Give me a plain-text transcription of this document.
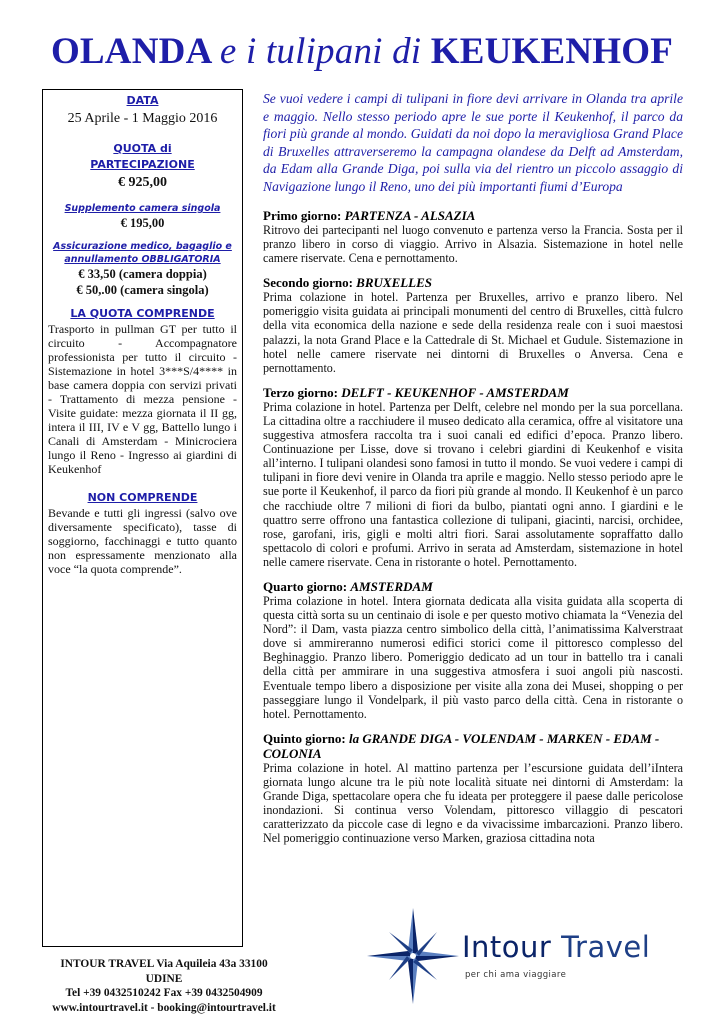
OLANDA e i tulipani di KEUKENHOF
DATA
25 Aprile - 1 Maggio 2016
QUOTA di
PARTECIPAZIONE
€ 925,00
Supplemento camera singola
€ 195,00
Assicurazione medico, bagaglio e
annullamento OBBLIGATORIA
€ 33,50 (camera doppia)
€ 50,.00 (camera singola)
LA QUOTA COMPRENDE
Trasporto in pullman GT per tutto il circuito - Accompagnatore professionista per tutto il circuito - Sistemazione in hotel 3***S/4**** in base camera doppia con servizi privati - Trattamento di mezza pensione - Visite guidate: mezza giornata il II gg, intera il III, IV e V gg, Battello lungo i Canali di Amsterdam - Minicrociera lungo il Reno - Ingresso ai giardini di Keukenhof
NON COMPRENDE
Bevande e tutti gli ingressi (salvo ove diversamente specificato), tasse di soggiorno, facchinaggi e tutto quanto non espressamente menzionato alla voce “la quota comprende”.

Se vuoi vedere i campi di tulipani in fiore devi arrivare in Olanda tra aprile e maggio. Nello stesso periodo apre le sue porte il Keukenhof, il parco da fiori più grande al mondo. Guidati da noi dopo la meravigliosa Grand Place di Bruxelles attraverseremo la campagna olandese da Delft ad Amsterdam, da Edam alla Grande Diga, poi sulla via del rientro un piccolo assaggio di Navigazione lungo il Reno, uno dei più importanti fiumi d’Europa

Primo giorno: PARTENZA - ALSAZIA

Ritrovo dei partecipanti nel luogo convenuto e partenza verso la Francia. Sosta per il pranzo libero in corso di viaggio. Arrivo in Alsazia. Sistemazione in hotel nelle camere riservate. Cena e pernottamento.

Secondo giorno: BRUXELLES

Prima colazione in hotel. Partenza per Bruxelles, arrivo e pranzo libero. Nel pomeriggio visita guidata ai principali monumenti del centro di Bruxelles, città fulcro della vita economica della nazione e sede della residenza reale con i suoi maestosi palazzi, la nota Grand Place e la Cattedrale di St. Michael et Gudule. Sistemazione in hotel nelle camere riservate nei dintorni di Bruxelles o Anversa. Cena e pernottamento.

Terzo giorno: DELFT - KEUKENHOF - AMSTERDAM

Prima colazione in hotel. Partenza per Delft, celebre nel mondo per la sua porcellana. La cittadina oltre a racchiudere il museo dedicato alla ceramica, offre al visitatore una suggestiva atmosfera raccolta tra i suoi canali ed edifici d’epoca. Pranzo libero. Continuazione per Lisse, dove si trovano i celebri giardini di Keukenhof e visita all’interno. I tulipani olandesi sono famosi in tutto il mondo. Se vuoi vedere i campi di tulipani in fiore devi venire in Olanda tra aprile e maggio. Nello stesso periodo apre le sue porte il Keukenhof, il parco da fiori più grande al mondo. Il Keukenhof è un parco che racchiude oltre 7 milioni di fiori da bulbo, piantati ogni anno. I giardini e le quattro serre offrono una fantastica collezione di tulipani, giacinti, narcisi, orchidee, rose, garofani, iris, gigli e molti altri fiori. Sarai assolutamente sopraffatto dallo spettacolo di colori e profumi. Arrivo in serata ad Amsterdam, sistemazione in hotel nelle camere riservate. Cena in ristorante o hotel. Pernottamento.

Quarto giorno: AMSTERDAM

Prima colazione in hotel. Intera giornata dedicata alla visita guidata alla scoperta di questa città sorta su un centinaio di isole e per questo motivo chiamata la “Venezia del Nord”: il Dam, vasta piazza centro simbolico della città, l’animatissima Kalverstraat dove si ammireranno numerosi edifici storici come il pittoresco complesso del Beghinaggio. Pranzo libero. Pomeriggio dedicato ad un tour in battello tra i canali della città per ammirare in una suggestiva atmosfera i suoi angoli più nascosti. Eventuale tempo libero a disposizione per visite alla zona dei Musei, shopping o per passeggiare lungo il Vondelpark, il più vasto parco della città. Cena in ristorante o hotel. Pernottamento.

Quinto giorno: la GRANDE DIGA - VOLENDAM - MARKEN - EDAM - COLONIA

Prima colazione in hotel. Al mattino partenza per l’escursione guidata dell’iIntera giornata lungo alcune tra le più note località situate nei dintorni di Amsterdam: la Grande Diga, spettacolare opera che fu ideata per proteggere il paese dalle pericolose inondazioni. Si continua verso Volendam, pittoresco villaggio di pescatori caratterizzato da piccole case di legno e da vivacissime imbarcazioni. Pranzo libero. Nel pomeriggio continuazione verso Marken, graziosa cittadina nota

INTOUR TRAVEL Via Aquileia 43a 33100 UDINE
Tel +39 0432510242 Fax +39 0432504909
www.intourtravel.it - booking@intourtravel.it
Intour Travel
per chi ama viaggiare
